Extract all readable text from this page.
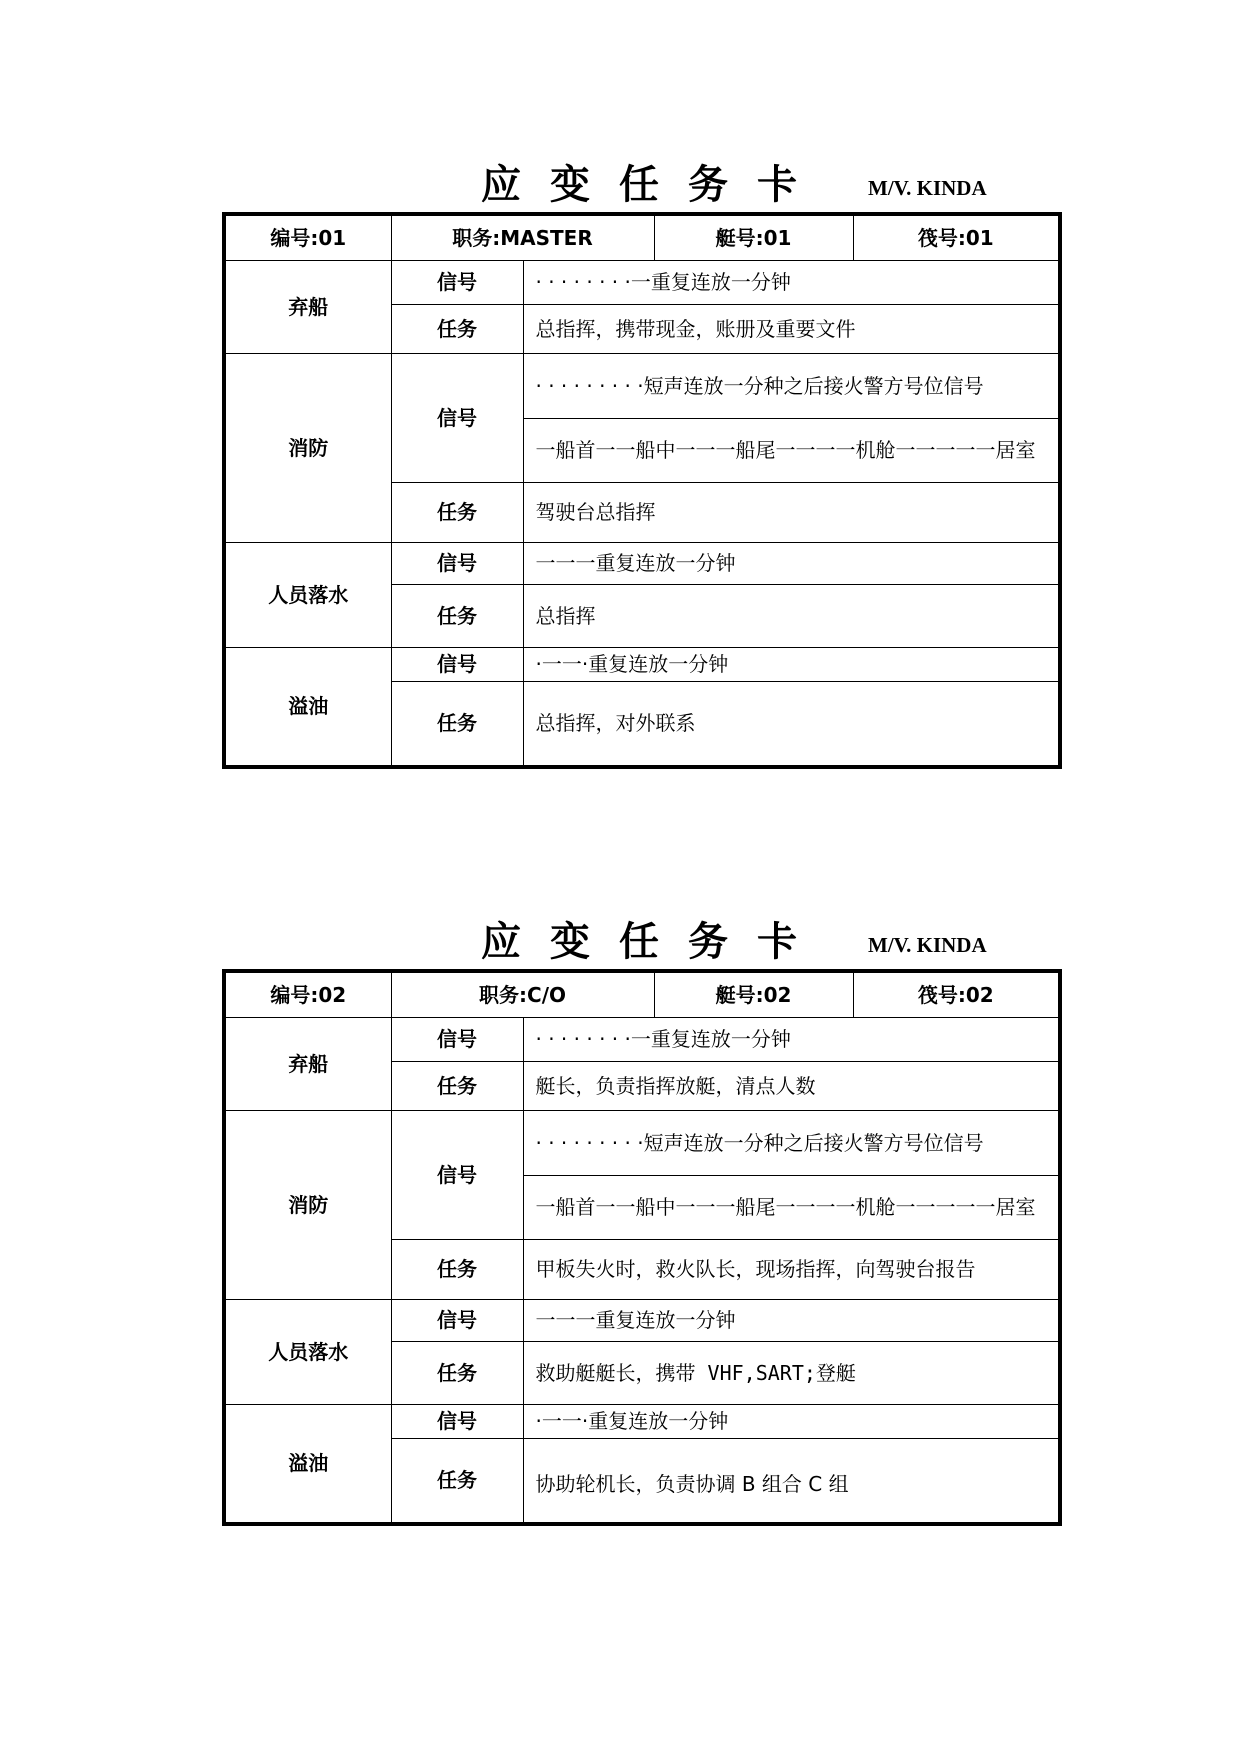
应变任务卡 M/V. KINDA
编号:01	职务:MASTER		艇号:01	筏号:01
弃船	信号	· · · · · · · ·一重复连放一分钟		
	任务	总指挥，携带现金，账册及重要文件		
消防	信号	· · · · · · · · ·短声连放一分种之后接火警方号位信号		
		一船首一一船中一一一船尾一一一一机舱一一一一一居室		
	任务	驾驶台总指挥		
人员落水	信号	一一一重复连放一分钟		
	任务	总指挥		
溢油	信号	·一一·重复连放一分钟		
	任务	总指挥，对外联系		
应变任务卡 M/V. KINDA
编号:02	职务:C/O		艇号:02	筏号:02
弃船	信号	· · · · · · · ·一重复连放一分钟		
	任务	艇长，负责指挥放艇，清点人数		
消防	信号	· · · · · · · · ·短声连放一分种之后接火警方号位信号		
		一船首一一船中一一一船尾一一一一机舱一一一一一居室		
	任务	甲板失火时，救火队长，现场指挥，向驾驶台报告		
人员落水	信号	一一一重复连放一分钟		
	任务	救助艇艇长，携带 VHF,SART;登艇		
溢油	信号	·一一·重复连放一分钟		
	任务	协助轮机长，负责协调 B 组合 C 组		
